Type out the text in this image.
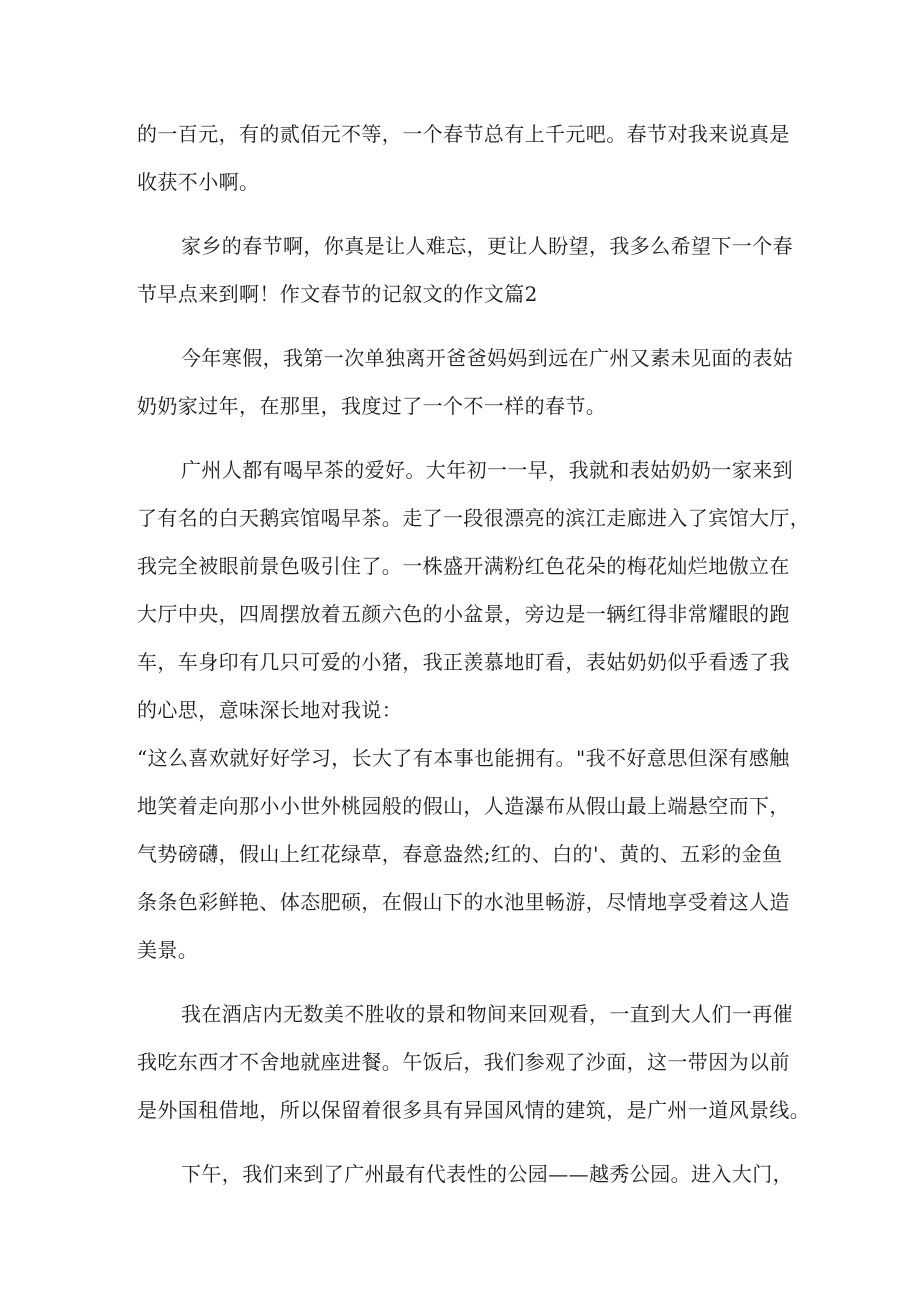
的一百元，有的贰佰元不等，一个春节总有上千元吧。春节对我来说真是
收获不小啊。
家乡的春节啊，你真是让人难忘，更让人盼望，我多么希望下一个春
节早点来到啊！作文春节的记叙文的作文篇2
今年寒假，我第一次单独离开爸爸妈妈到远在广州又素未见面的表姑
奶奶家过年，在那里，我度过了一个不一样的春节。
广州人都有喝早茶的爱好。大年初一一早，我就和表姑奶奶一家来到
了有名的白天鹅宾馆喝早茶。走了一段很漂亮的滨江走廊进入了宾馆大厅，
我完全被眼前景色吸引住了。一株盛开满粉红色花朵的梅花灿烂地傲立在
大厅中央，四周摆放着五颜六色的小盆景，旁边是一辆红得非常耀眼的跑
车，车身印有几只可爱的小猪，我正羡慕地盯看，表姑奶奶似乎看透了我
的心思，意味深长地对我说：
“这么喜欢就好好学习，长大了有本事也能拥有。"我不好意思但深有感触
地笑着走向那小小世外桃园般的假山，人造瀑布从假山最上端悬空而下，
气势磅礴，假山上红花绿草，春意盎然;红的、白的'、黄的、五彩的金鱼
条条色彩鲜艳、体态肥硕，在假山下的水池里畅游，尽情地享受着这人造
美景。
我在酒店内无数美不胜收的景和物间来回观看，一直到大人们一再催
我吃东西才不舍地就座进餐。午饭后，我们参观了沙面，这一带因为以前
是外国租借地，所以保留着很多具有异国风情的建筑，是广州一道风景线。
下午，我们来到了广州最有代表性的公园——越秀公园。进入大门，
